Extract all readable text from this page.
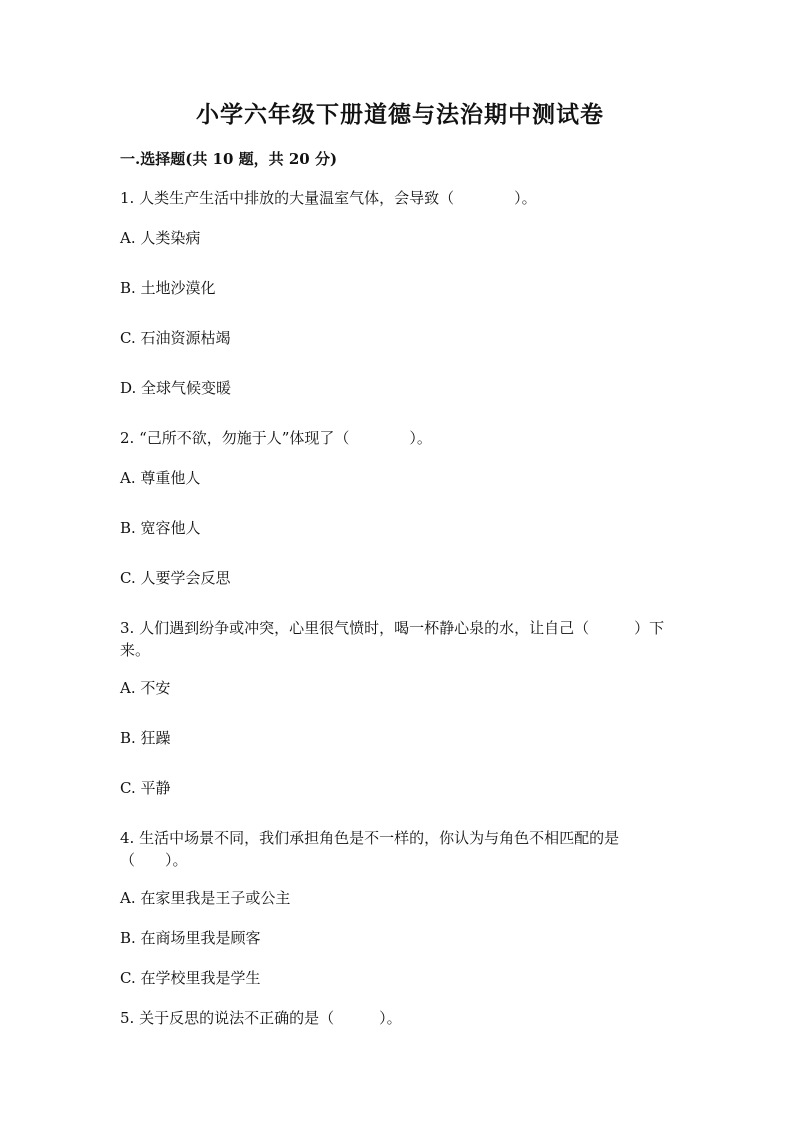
小学六年级下册道德与法治期中测试卷
一.选择题(共 10 题，共 20 分)
1. 人类生产生活中排放的大量温室气体，会导致（　　　　）。
A. 人类染病
B. 土地沙漠化
C. 石油资源枯竭
D. 全球气候变暖
2. “己所不欲，勿施于人”体现了（　　　　）。
A. 尊重他人
B. 宽容他人
C. 人要学会反思
3. 人们遇到纷争或冲突，心里很气愤时，喝一杯静心泉的水，让自己（　　　）下来。
A. 不安
B. 狂躁
C. 平静
4. 生活中场景不同，我们承担角色是不一样的，你认为与角色不相匹配的是（　　）。
A. 在家里我是王子或公主
B. 在商场里我是顾客
C. 在学校里我是学生
5. 关于反思的说法不正确的是（　　　）。
